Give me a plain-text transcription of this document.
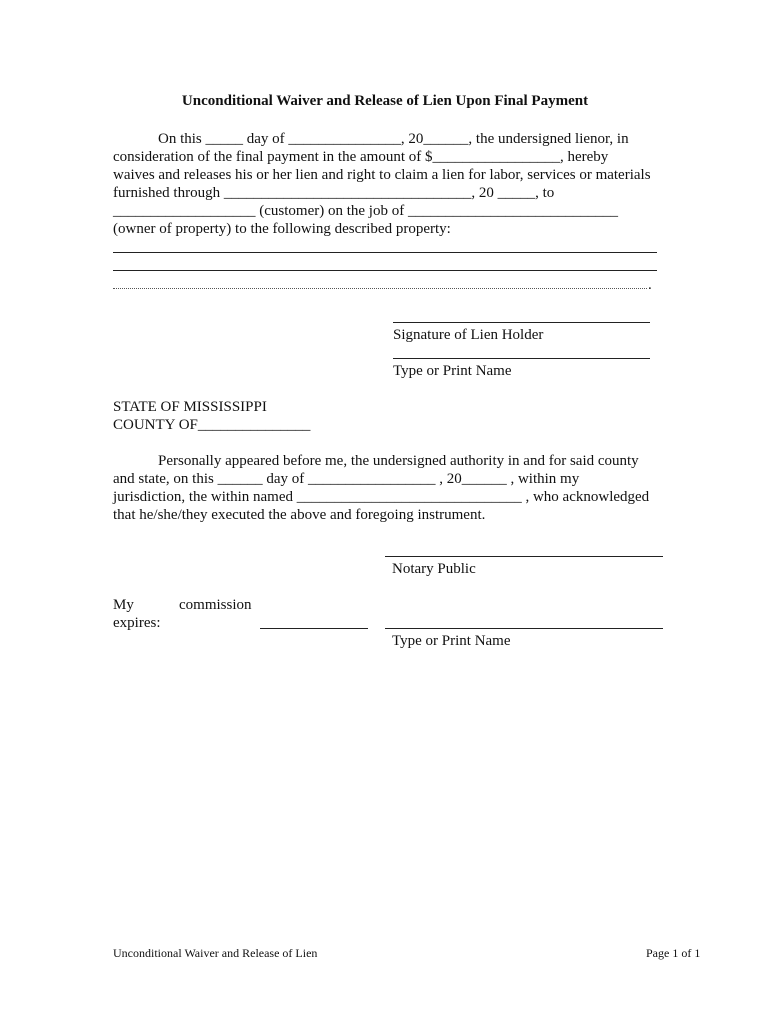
Unconditional Waiver and Release of Lien Upon Final Payment
On this _____ day of _______________, 20______, the undersigned lienor, in
consideration of the final payment in the amount of $_________________, hereby
waives and releases his or her lien and right to claim a lien for labor, services or materials
furnished through _________________________________, 20 _____, to
___________________ (customer) on the job of ____________________________
(owner of property) to the following described property:
.
Signature of Lien Holder
Type or Print Name
STATE OF MISSISSIPPI
COUNTY OF_______________
Personally appeared before me, the undersigned authority in and for said county
and state, on this ______ day of _________________ , 20______ , within my
jurisdiction, the within named ______________________________ , who acknowledged
that he/she/they executed the above and foregoing instrument.
Notary Public
My	commission
expires:
Type or Print Name
Unconditional Waiver and Release of Lien	Page 1 of 1
